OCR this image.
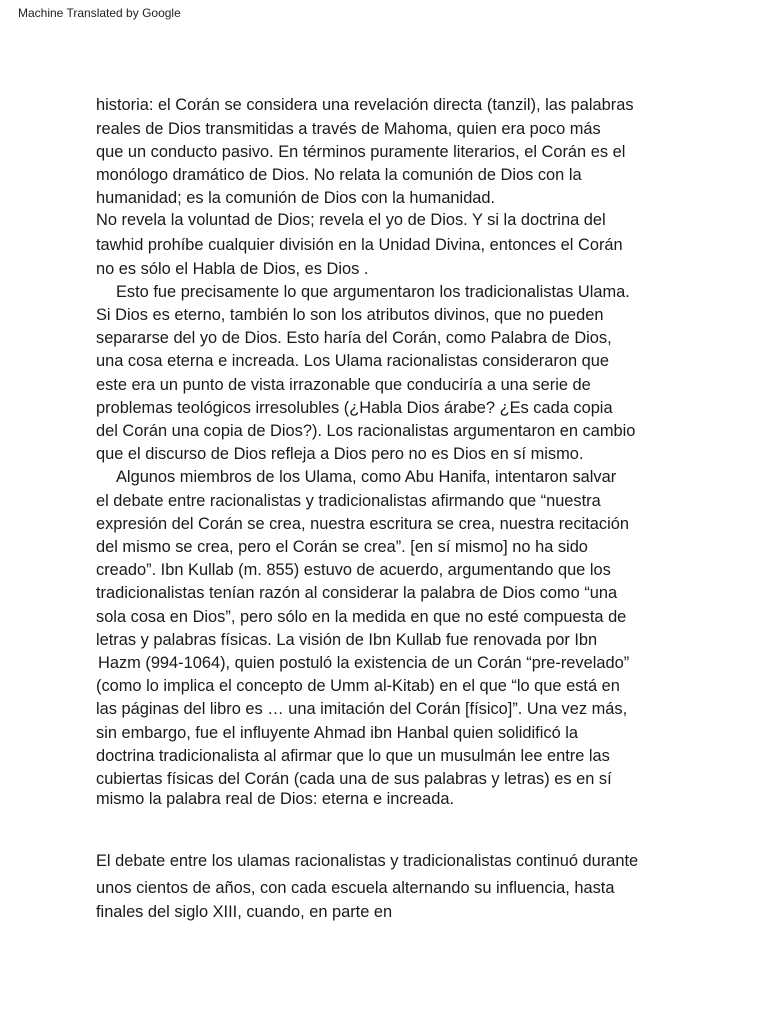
Machine Translated by Google
historia: el Corán se considera una revelación directa (tanzil), las palabras
reales de Dios transmitidas a través de Mahoma, quien era poco más
que un conducto pasivo. En términos puramente literarios, el Corán es el
monólogo dramático de Dios. No relata la comunión de Dios con la
humanidad; es la comunión de Dios con la humanidad.
No revela la voluntad de Dios; revela el yo de Dios. Y si la doctrina del
tawhid prohíbe cualquier división en la Unidad Divina, entonces el Corán
no es sólo el Habla de Dios, es Dios .
Esto fue precisamente lo que argumentaron los tradicionalistas Ulama.
Si Dios es eterno, también lo son los atributos divinos, que no pueden
separarse del yo de Dios. Esto haría del Corán, como Palabra de Dios,
una cosa eterna e increada. Los Ulama racionalistas consideraron que
este era un punto de vista irrazonable que conduciría a una serie de
problemas teológicos irresolubles (¿Habla Dios árabe? ¿Es cada copia
del Corán una copia de Dios?). Los racionalistas argumentaron en cambio
que el discurso de Dios refleja a Dios pero no es Dios en sí mismo.
Algunos miembros de los Ulama, como Abu Hanifa, intentaron salvar
el debate entre racionalistas y tradicionalistas afirmando que “nuestra
expresión del Corán se crea, nuestra escritura se crea, nuestra recitación
del mismo se crea, pero el Corán se crea”. [en sí mismo] no ha sido
creado”. Ibn Kullab (m. 855) estuvo de acuerdo, argumentando que los
tradicionalistas tenían razón al considerar la palabra de Dios como “una
sola cosa en Dios”, pero sólo en la medida en que no esté compuesta de
letras y palabras físicas. La visión de Ibn Kullab fue renovada por Ibn
Hazm (994-1064), quien postuló la existencia de un Corán “pre-revelado”
(como lo implica el concepto de Umm al-Kitab) en el que “lo que está en
las páginas del libro es … una imitación del Corán [físico]”. Una vez más,
sin embargo, fue el influyente Ahmad ibn Hanbal quien solidificó la
doctrina tradicionalista al afirmar que lo que un musulmán lee entre las
cubiertas físicas del Corán (cada una de sus palabras y letras) es en sí
mismo la palabra real de Dios: eterna e increada.
El debate entre los ulamas racionalistas y tradicionalistas continuó durante
unos cientos de años, con cada escuela alternando su influencia, hasta
finales del siglo XIII, cuando, en parte en
